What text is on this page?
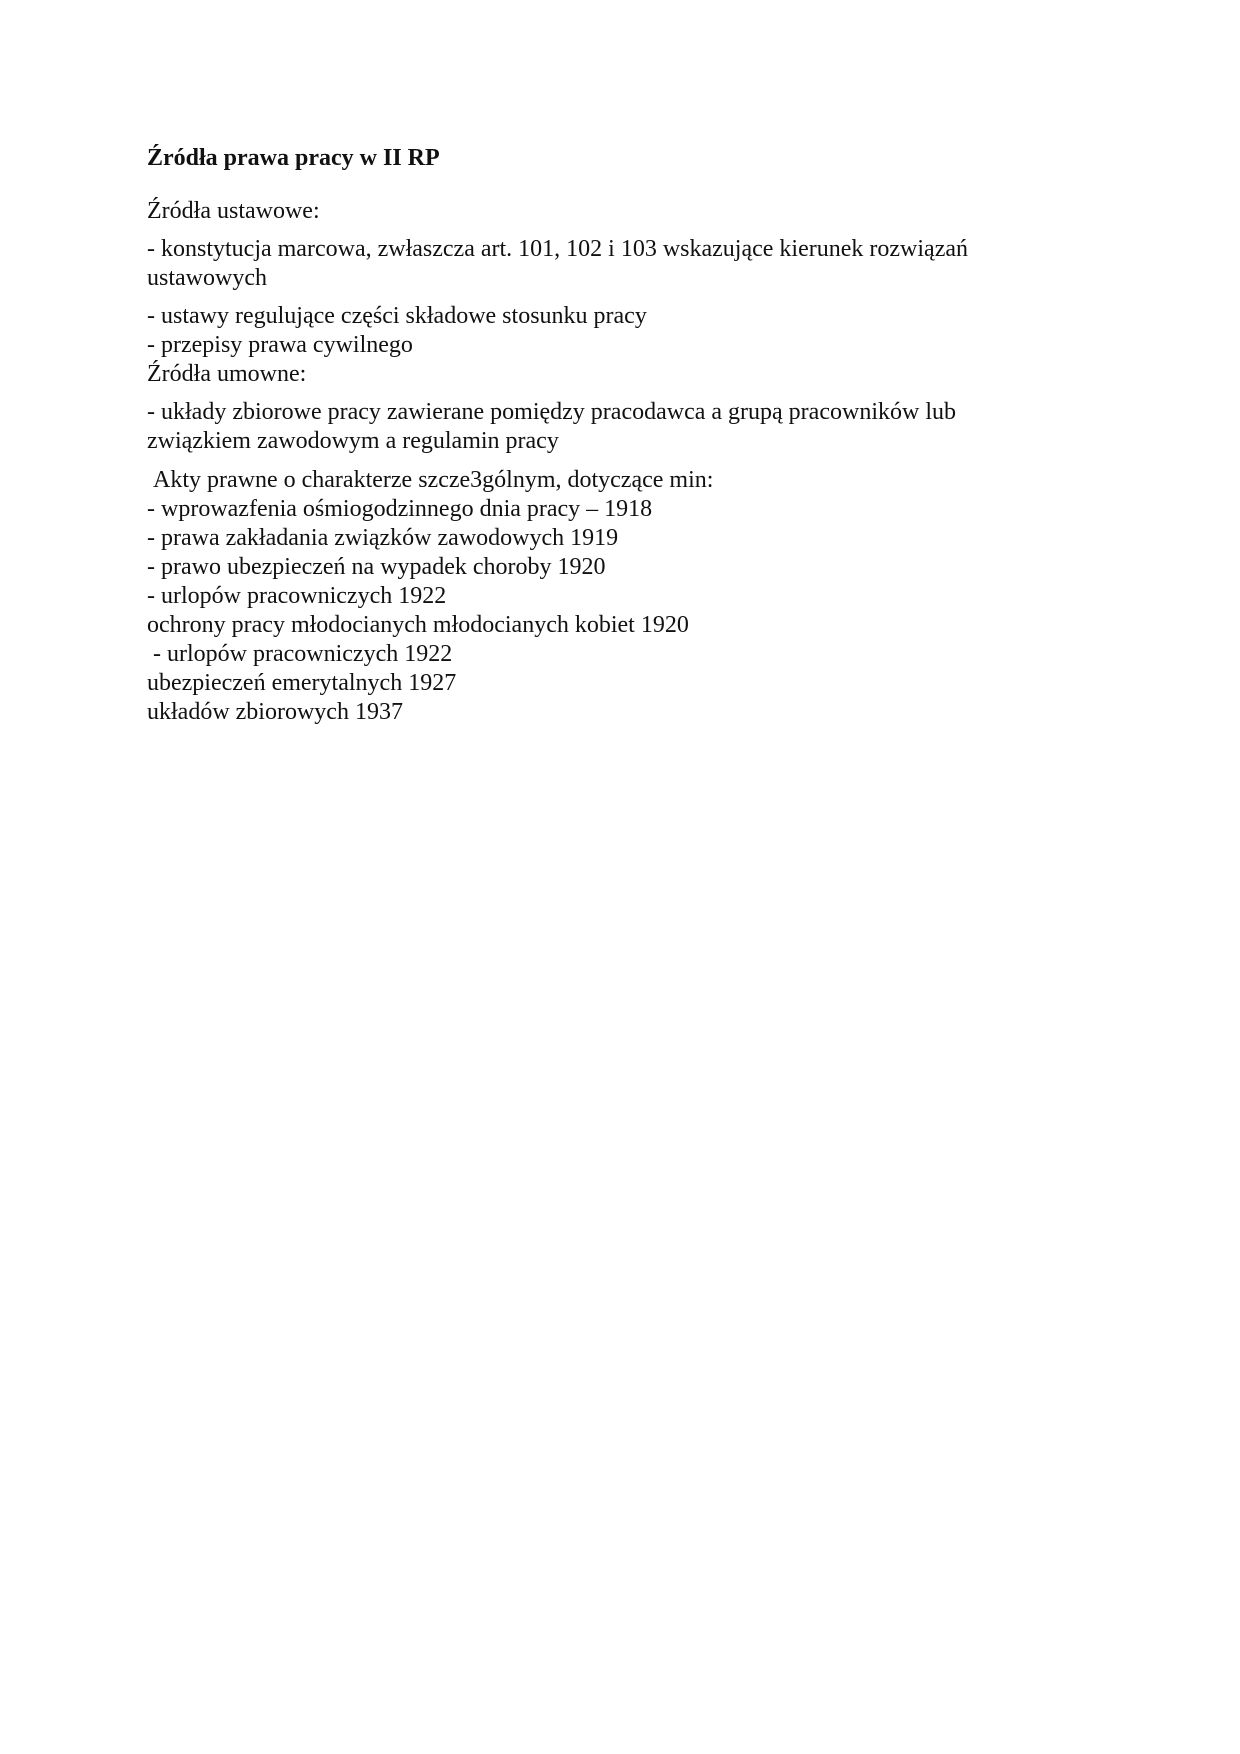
Źródła prawa pracy w II RP
Źródła ustawowe:
- konstytucja marcowa, zwłaszcza art. 101, 102 i 103 wskazujące kierunek rozwiązań ustawowych
- ustawy regulujące części składowe stosunku pracy
- przepisy prawa cywilnego
Źródła umowne:
- układy zbiorowe pracy zawierane pomiędzy pracodawca a grupą pracowników lub związkiem zawodowym a regulamin pracy
Akty prawne o charakterze szcze3gólnym, dotyczące min:
- wprowazfenia ośmiogodzinnego dnia pracy – 1918
- prawa zakładania związków zawodowych 1919
- prawo ubezpieczeń na wypadek choroby 1920
- urlopów pracowniczych 1922
ochrony pracy młodocianych młodocianych kobiet 1920
- urlopów pracowniczych 1922
ubezpieczeń emerytalnych 1927
układów zbiorowych 1937
